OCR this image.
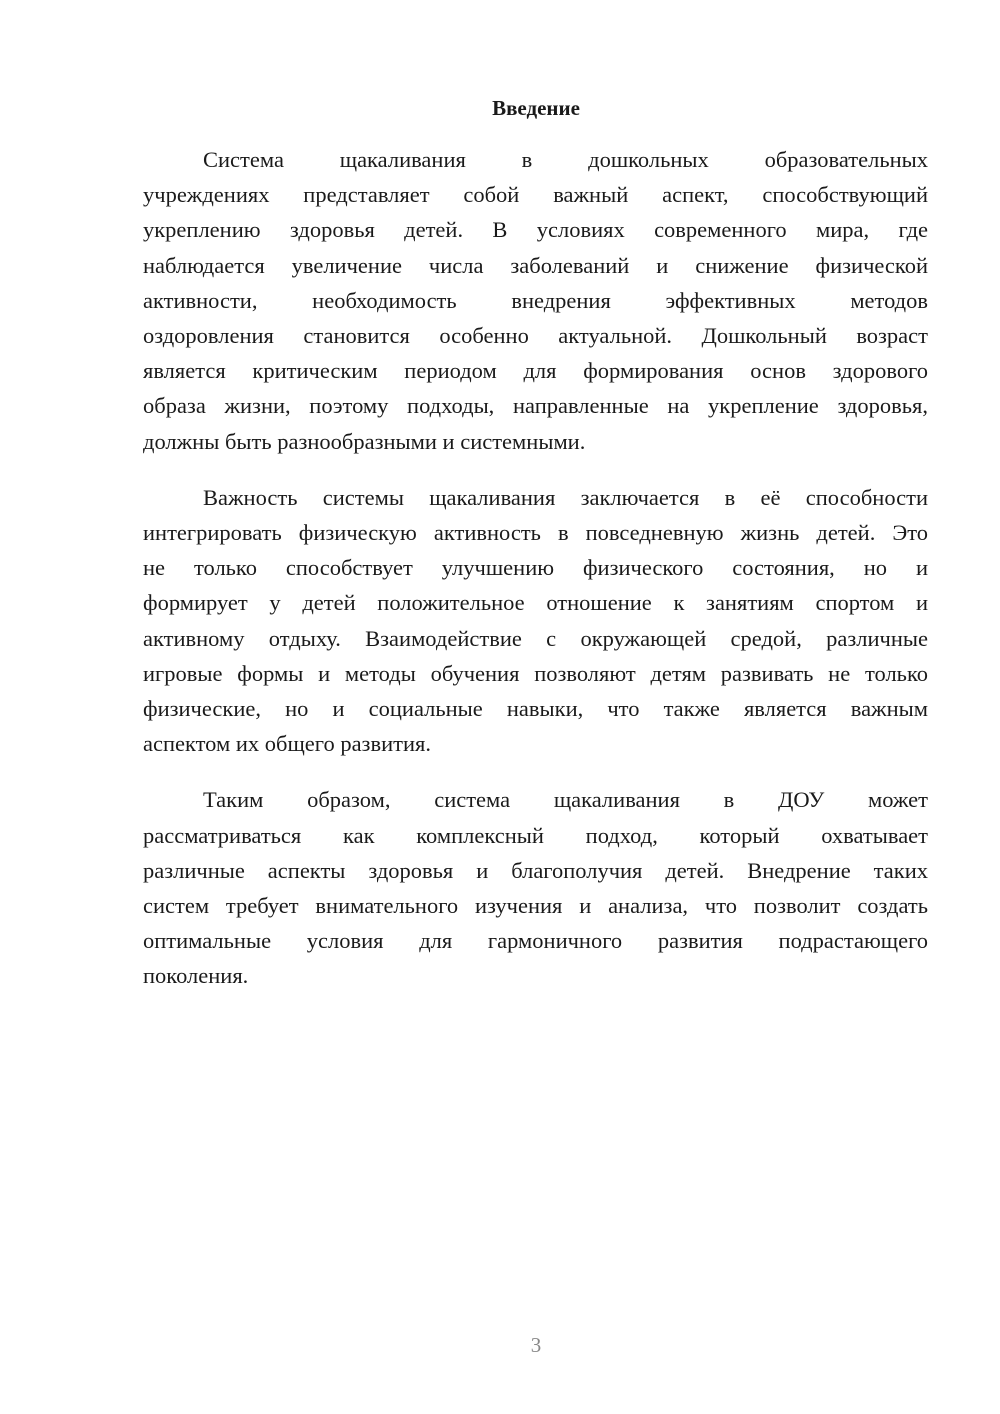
Введение

Система щакаливания в дошкольных образовательных
учреждениях представляет собой важный аспект, способствующий
укреплению здоровья детей. В условиях современного мира, где
наблюдается увеличение числа заболеваний и снижение физической
активности, необходимость внедрения эффективных методов
оздоровления становится особенно актуальной. Дошкольный возраст
является критическим периодом для формирования основ здорового
образа жизни, поэтому подходы, направленные на укрепление здоровья,
должны быть разнообразными и системными.

Важность системы щакаливания заключается в её способности
интегрировать физическую активность в повседневную жизнь детей. Это
не только способствует улучшению физического состояния, но и
формирует у детей положительное отношение к занятиям спортом и
активному отдыху. Взаимодействие с окружающей средой, различные
игровые формы и методы обучения позволяют детям развивать не только
физические, но и социальные навыки, что также является важным
аспектом их общего развития.

Таким образом, система щакаливания в ДОУ может
рассматриваться как комплексный подход, который охватывает
различные аспекты здоровья и благополучия детей. Внедрение таких
систем требует внимательного изучения и анализа, что позволит создать
оптимальные условия для гармоничного развития подрастающего
поколения.

3
